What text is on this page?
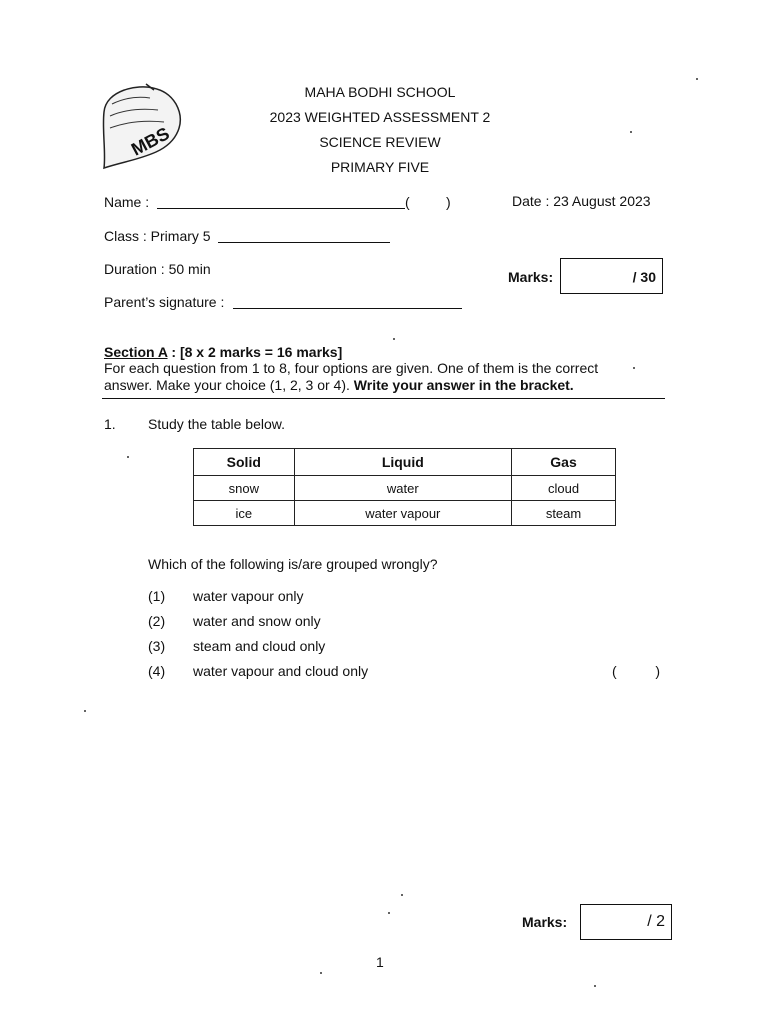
MBS
MAHA BODHI SCHOOL
2023 WEIGHTED ASSESSMENT 2
SCIENCE REVIEW
PRIMARY FIVE
Name :	(	)	Date : 23 August 2023
Class : Primary 5
Duration : 50 min	Marks:	/ 30
Parent’s signature :
Section A : [8 x 2 marks = 16 marks]
For each question from 1 to 8, four options are given. One of them is the correct answer. Make your choice (1, 2, 3 or 4). Write your answer in the bracket.
1. Study the table below.
Solid	Liquid	Gas
snow	water	cloud
ice	water vapour	steam
Which of the following is/are grouped wrongly?
(1)	water vapour only
(2)	water and snow only
(3)	steam and cloud only
(4)	water vapour and cloud only	(	)
Marks:	/ 2
1
